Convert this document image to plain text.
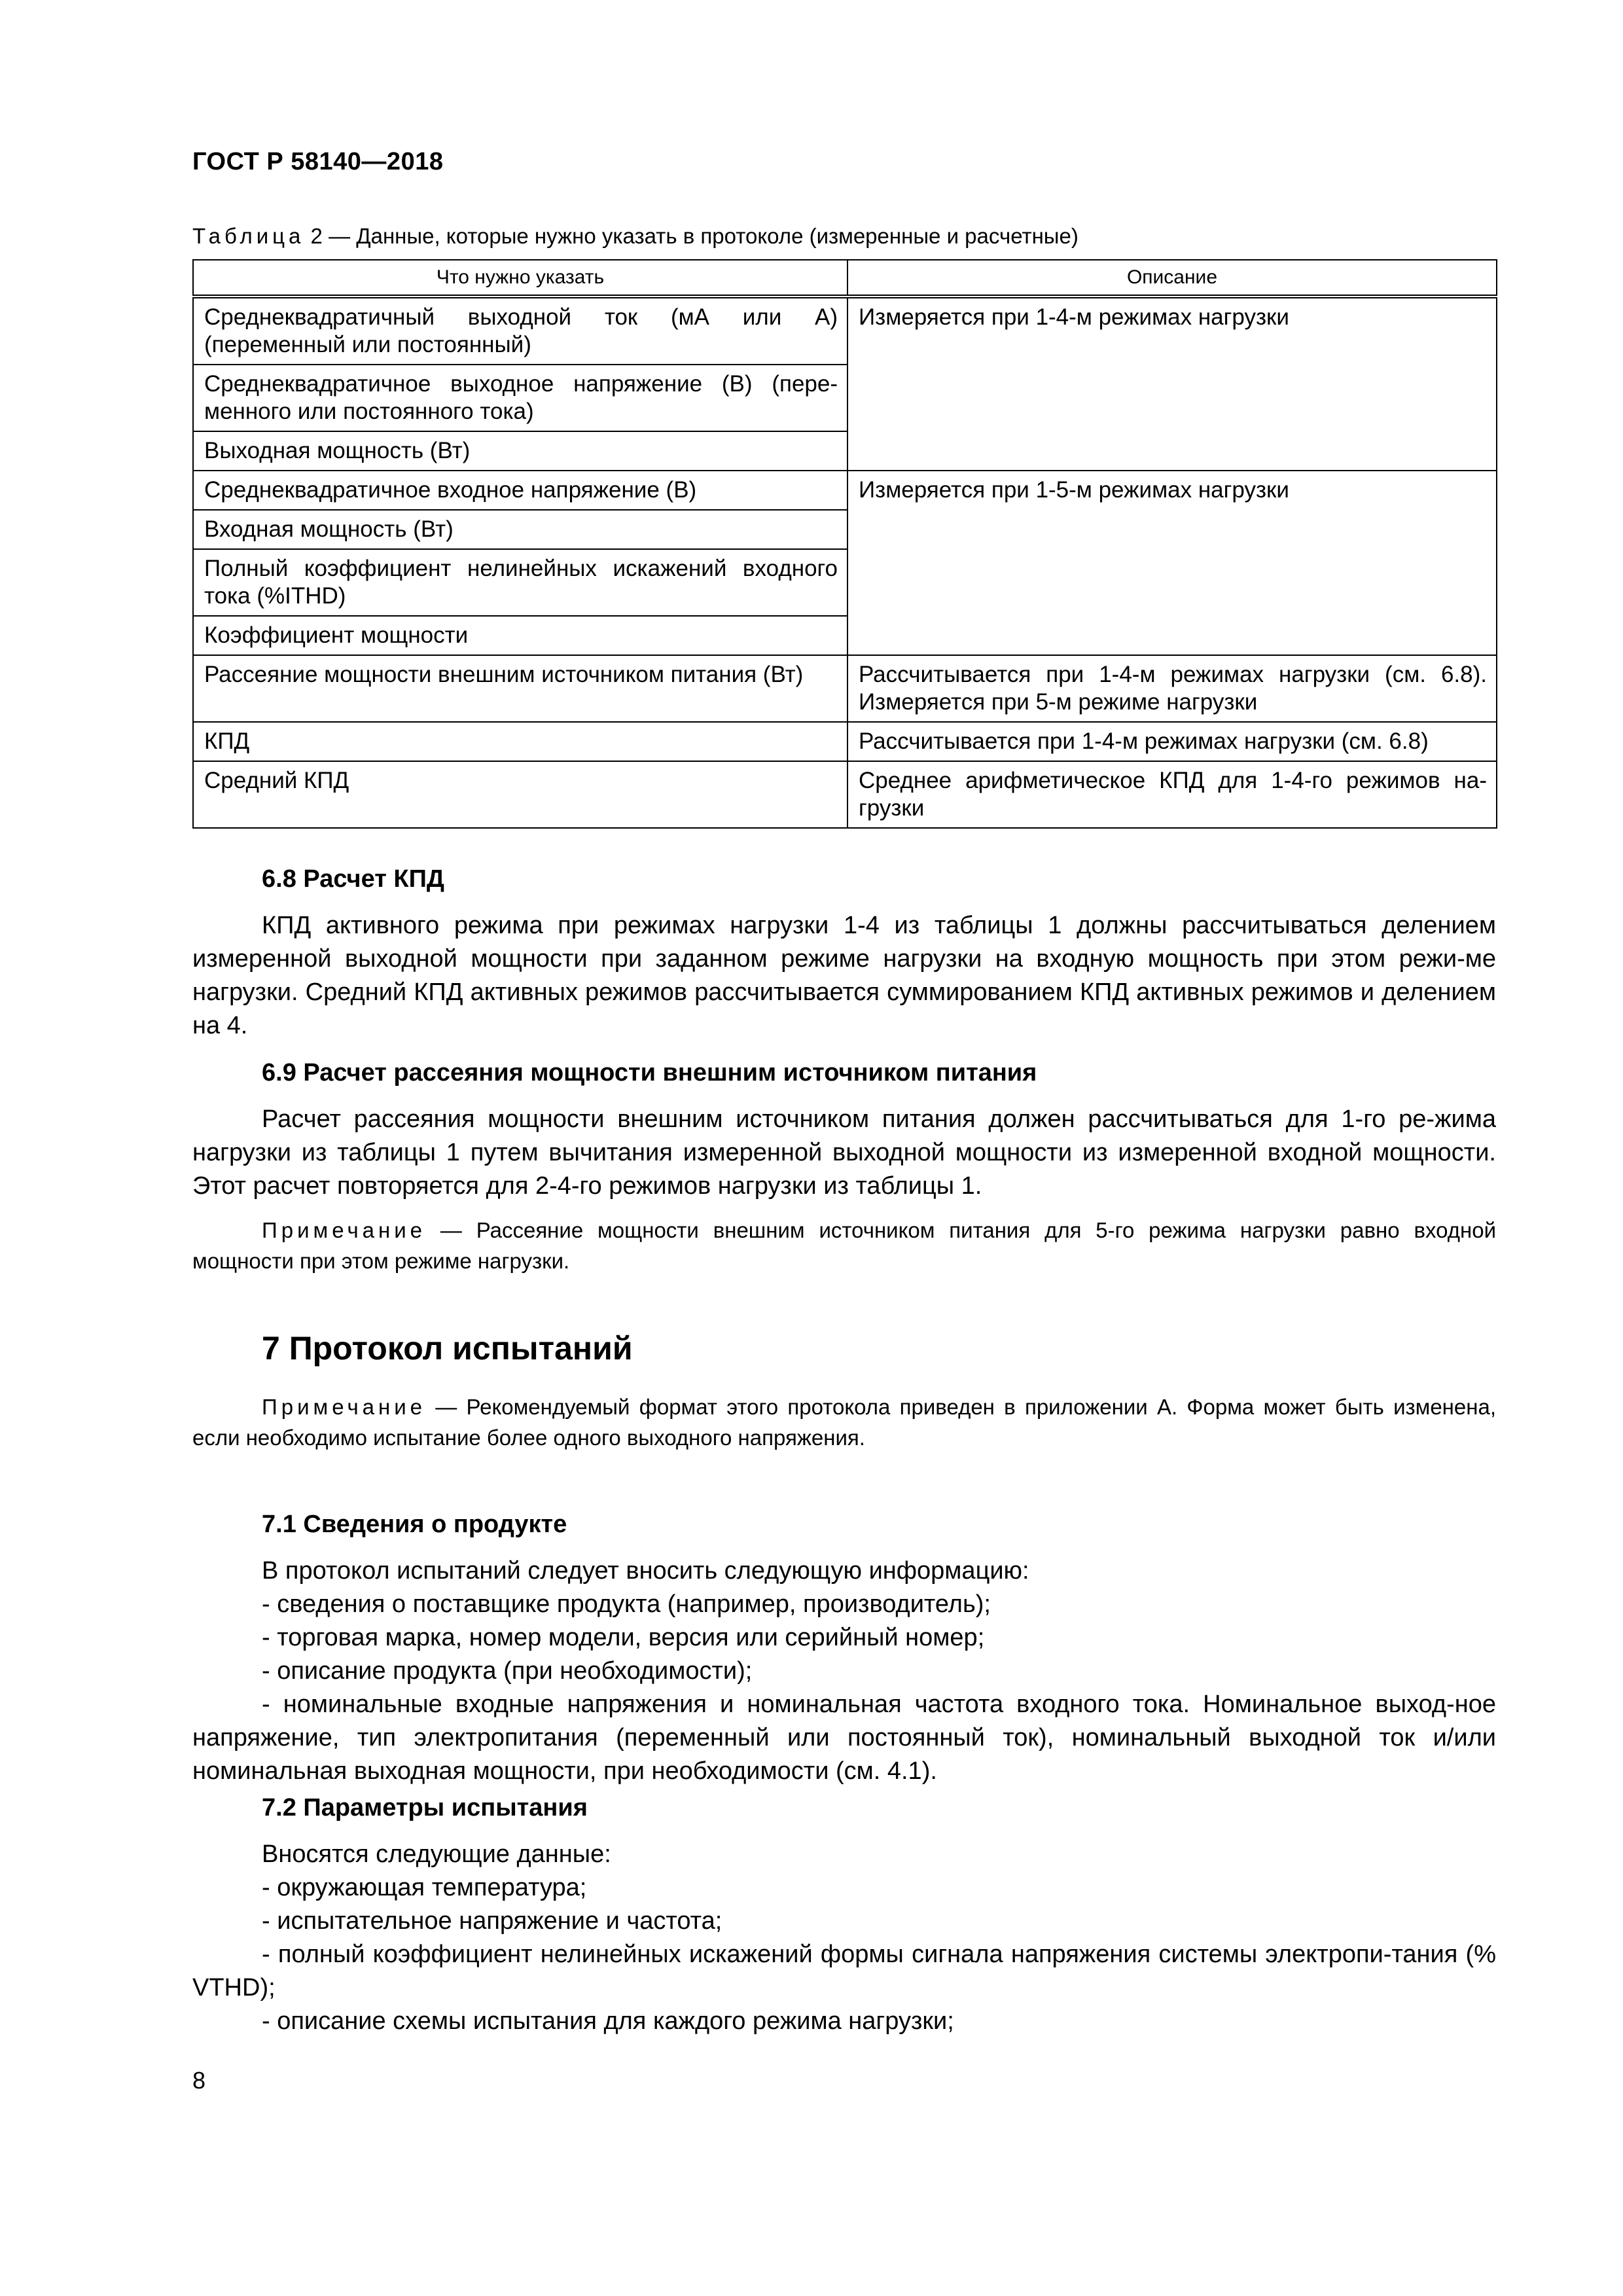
ГОСТ Р 58140—2018
Таблица 2 — Данные, которые нужно указать в протоколе (измеренные и расчетные)
Что нужно указать	Описание
Среднеквадратичный выходной ток (мА или А) (переменный или постоянный)	Измеряется при 1-4-м режимах нагрузки
Среднеквадратичное выходное напряжение (В) (пере-менного или постоянного тока)	
Выходная мощность (Вт)	
Среднеквадратичное входное напряжение (В)	Измеряется при 1-5-м режимах нагрузки
Входная мощность (Вт)	
Полный коэффициент нелинейных искажений входного тока (%ITHD)	
Коэффициент мощности	
Рассеяние мощности внешним источником питания (Вт)	Рассчитывается при 1-4-м режимах нагрузки (см. 6.8). Измеряется при 5-м режиме нагрузки
КПД	Рассчитывается при 1-4-м режимах нагрузки (см. 6.8)
Средний КПД	Среднее арифметическое КПД для 1-4-го режимов на-грузки

6.8 Расчет КПД

КПД активного режима при режимах нагрузки 1-4 из таблицы 1 должны рассчитываться делением измеренной выходной мощности при заданном режиме нагрузки на входную мощность при этом режи-ме нагрузки. Средний КПД активных режимов рассчитывается суммированием КПД активных режимов и делением на 4.

6.9 Расчет рассеяния мощности внешним источником питания

Расчет рассеяния мощности внешним источником питания должен рассчитываться для 1-го ре-жима нагрузки из таблицы 1 путем вычитания измеренной выходной мощности из измеренной входной мощности. Этот расчет повторяется для 2-4-го режимов нагрузки из таблицы 1.

Примечание — Рассеяние мощности внешним источником питания для 5-го режима нагрузки равно входной мощности при этом режиме нагрузки.

7 Протокол испытаний

Примечание — Рекомендуемый формат этого протокола приведен в приложении А. Форма может быть изменена, если необходимо испытание более одного выходного напряжения.

7.1 Сведения о продукте

В протокол испытаний следует вносить следующую информацию:

- сведения о поставщике продукта (например, производитель);

- торговая марка, номер модели, версия или серийный номер;

- описание продукта (при необходимости);

- номинальные входные напряжения и номинальная частота входного тока. Номинальное выход-ное напряжение, тип электропитания (переменный или постоянный ток), номинальный выходной ток и/или номинальная выходная мощности, при необходимости (см. 4.1).

7.2 Параметры испытания

Вносятся следующие данные:

- окружающая температура;

- испытательное напряжение и частота;

- полный коэффициент нелинейных искажений формы сигнала напряжения системы электропи-тания (% VTHD);

- описание схемы испытания для каждого режима нагрузки;

8
